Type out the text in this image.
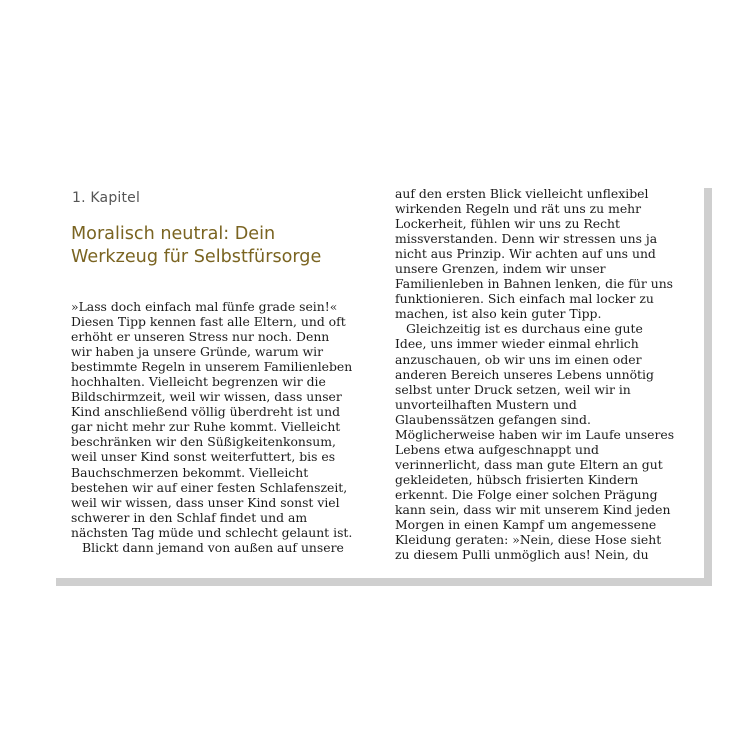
1. Kapitel
Moralisch neutral: Dein
Werkzeug für Selbstfürsorge
»Lass doch einfach mal fünfe grade sein!«
Diesen Tipp kennen fast alle Eltern, und oft
erhöht er unseren Stress nur noch. Denn
wir haben ja unsere Gründe, warum wir
bestimmte Regeln in unserem Familienleben
hochhalten. Vielleicht begrenzen wir die
Bildschirmzeit, weil wir wissen, dass unser
Kind anschließend völlig überdreht ist und
gar nicht mehr zur Ruhe kommt. Vielleicht
beschränken wir den Süßigkeitenkonsum,
weil unser Kind sonst weiterfuttert, bis es
Bauchschmerzen bekommt. Vielleicht
bestehen wir auf einer festen Schlafenszeit,
weil wir wissen, dass unser Kind sonst viel
schwerer in den Schlaf findet und am
nächsten Tag müde und schlecht gelaunt ist.
Blickt dann jemand von außen auf unsere
auf den ersten Blick vielleicht unflexibel
wirkenden Regeln und rät uns zu mehr
Lockerheit, fühlen wir uns zu Recht
missverstanden. Denn wir stressen uns ja
nicht aus Prinzip. Wir achten auf uns und
unsere Grenzen, indem wir unser
Familienleben in Bahnen lenken, die für uns
funktionieren. Sich einfach mal locker zu
machen, ist also kein guter Tipp.
Gleichzeitig ist es durchaus eine gute
Idee, uns immer wieder einmal ehrlich
anzuschauen, ob wir uns im einen oder
anderen Bereich unseres Lebens unnötig
selbst unter Druck setzen, weil wir in
unvorteilhaften Mustern und
Glaubenssätzen gefangen sind.
Möglicherweise haben wir im Laufe unseres
Lebens etwa aufgeschnappt und
verinnerlicht, dass man gute Eltern an gut
gekleideten, hübsch frisierten Kindern
erkennt. Die Folge einer solchen Prägung
kann sein, dass wir mit unserem Kind jeden
Morgen in einen Kampf um angemessene
Kleidung geraten: »Nein, diese Hose sieht
zu diesem Pulli unmöglich aus! Nein, du
